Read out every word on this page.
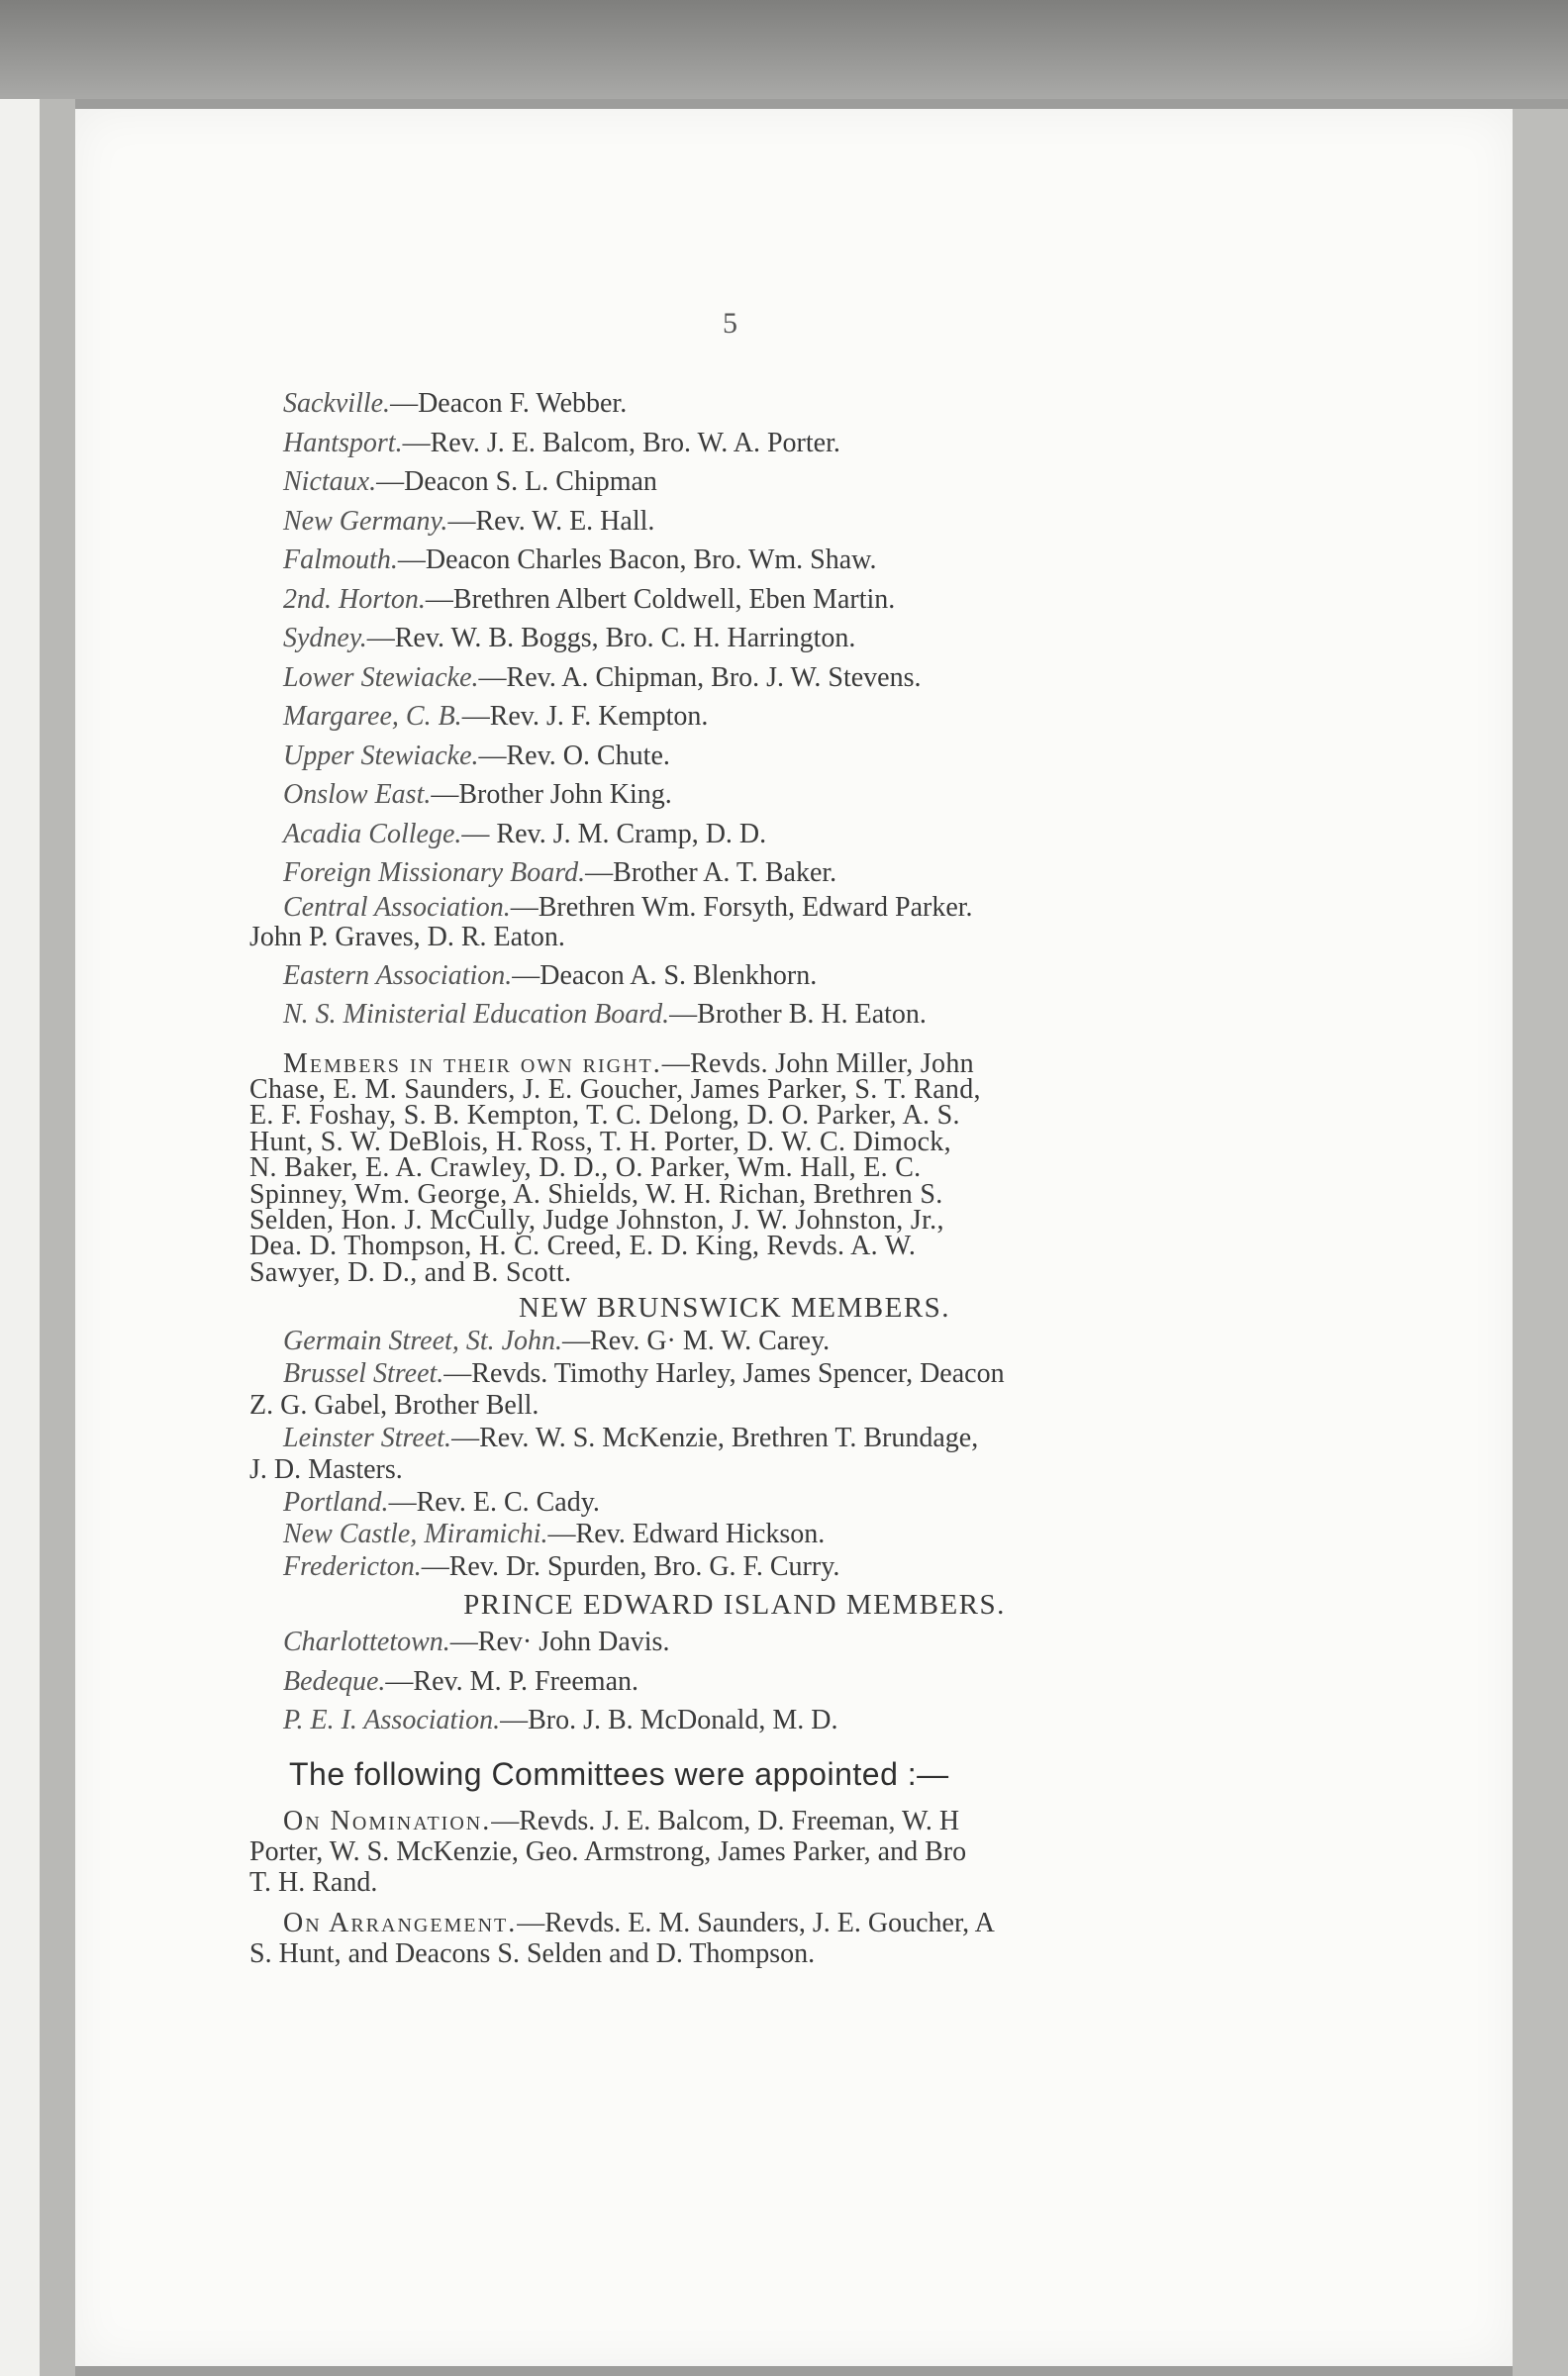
5
Sackville.—Deacon F. Webber.
Hantsport.—Rev. J. E. Balcom, Bro. W. A. Porter.
Nictaux.—Deacon S. L. Chipman
New Germany.—Rev. W. E. Hall.
Falmouth.—Deacon Charles Bacon, Bro. Wm. Shaw.
2nd. Horton.—Brethren Albert Coldwell, Eben Martin.
Sydney.—Rev. W. B. Boggs, Bro. C. H. Harrington.
Lower Stewiacke.—Rev. A. Chipman, Bro. J. W. Stevens.
Margaree, C. B.—Rev. J. F. Kempton.
Upper Stewiacke.—Rev. O. Chute.
Onslow East.—Brother John King.
Acadia College.— Rev. J. M. Cramp, D. D.
Foreign Missionary Board.—Brother A. T. Baker.
Central Association.—Brethren Wm. Forsyth, Edward Parker.
John P. Graves, D. R. Eaton.
Eastern Association.—Deacon A. S. Blenkhorn.
N. S. Ministerial Education Board.—Brother B. H. Eaton.
Members in their own right.—Revds. John Miller, John
Chase, E. M. Saunders, J. E. Goucher, James Parker, S. T. Rand,
E. F. Foshay, S. B. Kempton, T. C. Delong, D. O. Parker, A. S.
Hunt, S. W. DeBlois, H. Ross, T. H. Porter, D. W. C. Dimock,
N. Baker, E. A. Crawley, D. D., O. Parker, Wm. Hall, E. C.
Spinney, Wm. George, A. Shields, W. H. Richan, Brethren S.
Selden, Hon. J. McCully, Judge Johnston, J. W. Johnston, Jr.,
Dea. D. Thompson, H. C. Creed, E. D. King, Revds. A. W.
Sawyer, D. D., and B. Scott.
NEW BRUNSWICK MEMBERS.
Germain Street, St. John.—Rev. G· M. W. Carey.
Brussel Street.—Revds. Timothy Harley, James Spencer, Deacon
Z. G. Gabel, Brother Bell.
Leinster Street.—Rev. W. S. McKenzie, Brethren T. Brundage,
J. D. Masters.
Portland.—Rev. E. C. Cady.
New Castle, Miramichi.—Rev. Edward Hickson.
Fredericton.—Rev. Dr. Spurden, Bro. G. F. Curry.
PRINCE EDWARD ISLAND MEMBERS.
Charlottetown.—Rev· John Davis.
Bedeque.—Rev. M. P. Freeman.
P. E. I. Association.—Bro. J. B. McDonald, M. D.
The following Committees were appointed :—
On Nomination.—Revds. J. E. Balcom, D. Freeman, W. H
Porter, W. S. McKenzie, Geo. Armstrong, James Parker, and Bro
T. H. Rand.
On Arrangement.—Revds. E. M. Saunders, J. E. Goucher, A
S. Hunt, and Deacons S. Selden and D. Thompson.
